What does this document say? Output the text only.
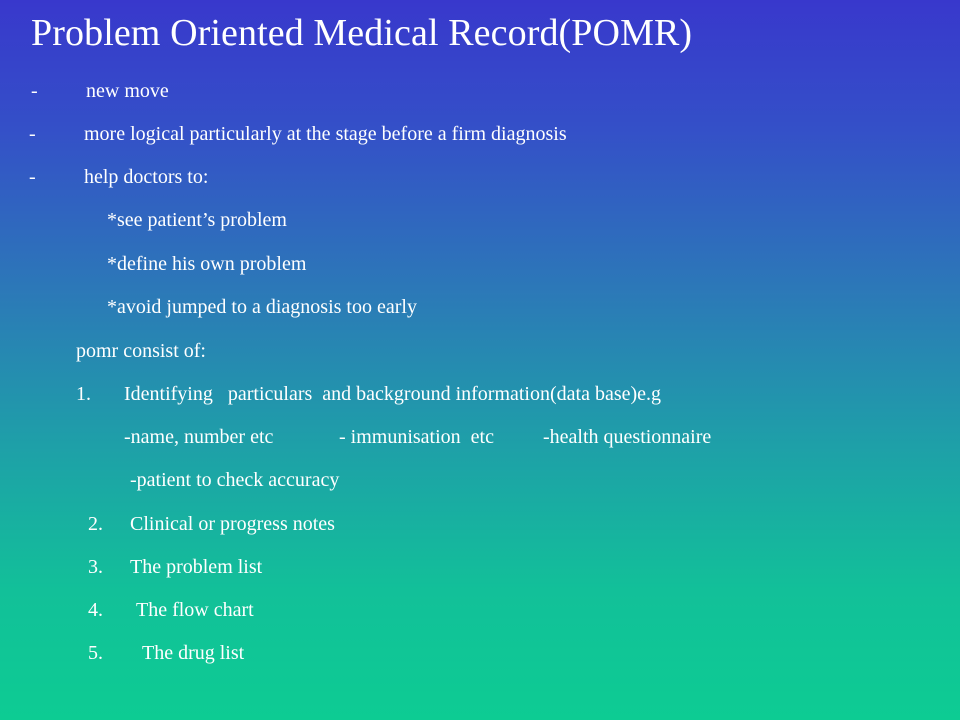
Problem Oriented Medical Record(POMR)
- new move
- more logical particularly at the stage before a firm diagnosis
- help doctors to:
*see patient’s problem
*define his own problem
*avoid jumped to a diagnosis too early
pomr consist of:
1. Identifying   particulars  and background information(data base)e.g
-name, number etc	- immunisation  etc -health questionnaire
-patient to check accuracy
2. Clinical or progress notes
3. The problem list
4. The flow chart
5. The drug list
